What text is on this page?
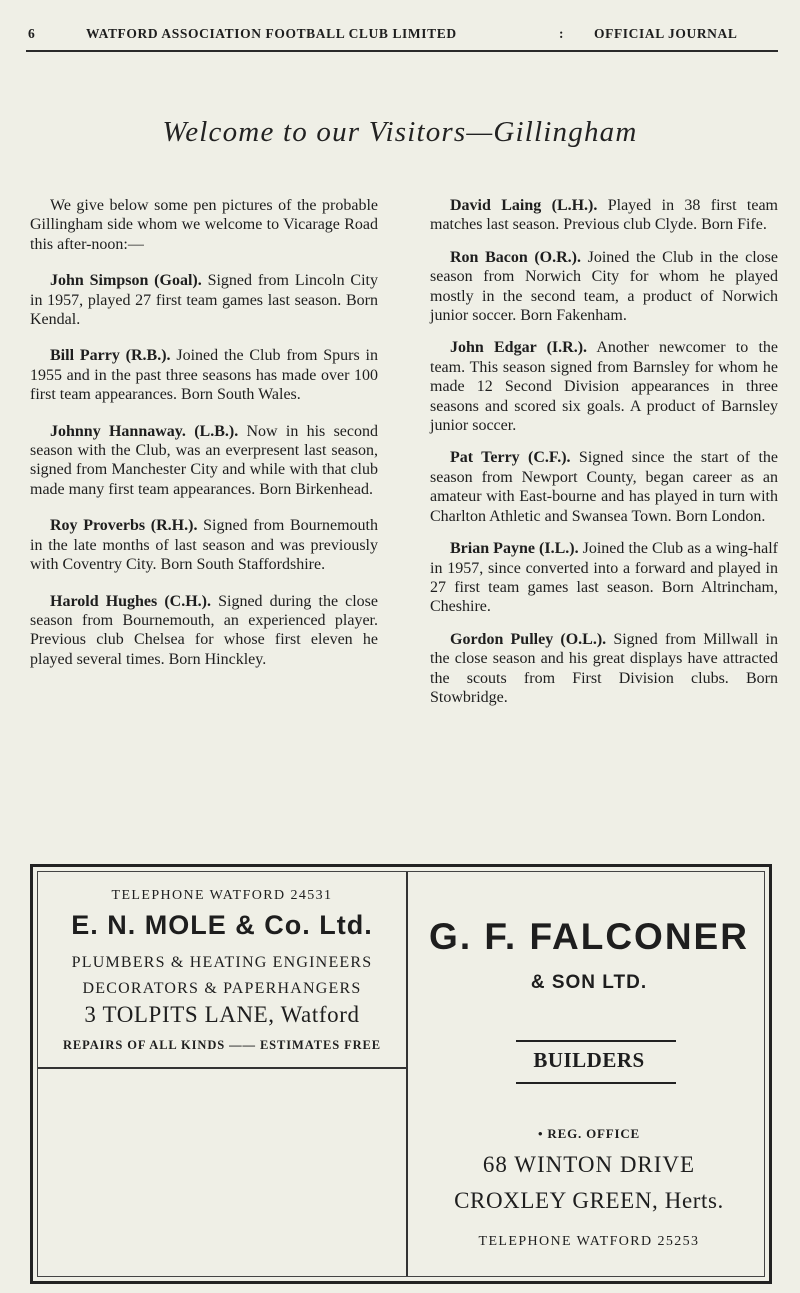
6	WATFORD ASSOCIATION FOOTBALL CLUB LIMITED	: OFFICIAL JOURNAL
Welcome to our Visitors—Gillingham

We give below some pen pictures of the probable Gillingham side whom we welcome to Vicarage Road this after-noon:—

John Simpson (Goal). Signed from Lincoln City in 1957, played 27 first team games last season. Born Kendal.

Bill Parry (R.B.). Joined the Club from Spurs in 1955 and in the past three seasons has made over 100 first team appearances. Born South Wales.

Johnny Hannaway. (L.B.). Now in his second season with the Club, was an everpresent last season, signed from Manchester City and while with that club made many first team appearances. Born Birkenhead.

Roy Proverbs (R.H.). Signed from Bournemouth in the late months of last season and was previously with Coventry City. Born South Staffordshire.

Harold Hughes (C.H.). Signed during the close season from Bournemouth, an experienced player. Previous club Chelsea for whose first eleven he played several times. Born Hinckley.

David Laing (L.H.). Played in 38 first team matches last season. Previous club Clyde. Born Fife.

Ron Bacon (O.R.). Joined the Club in the close season from Norwich City for whom he played mostly in the second team, a product of Norwich junior soccer. Born Fakenham.

John Edgar (I.R.). Another newcomer to the team. This season signed from Barnsley for whom he made 12 Second Division appearances in three seasons and scored six goals. A product of Barnsley junior soccer.

Pat Terry (C.F.). Signed since the start of the season from Newport County, began career as an amateur with East-bourne and has played in turn with Charlton Athletic and Swansea Town. Born London.

Brian Payne (I.L.). Joined the Club as a wing-half in 1957, since converted into a forward and played in 27 first team games last season. Born Altrincham, Cheshire.

Gordon Pulley (O.L.). Signed from Millwall in the close season and his great displays have attracted the scouts from First Division clubs. Born Stowbridge.

TELEPHONE WATFORD 24531
E. N. MOLE & Co. Ltd.
PLUMBERS & HEATING ENGINEERS
DECORATORS & PAPERHANGERS
3 TOLPITS LANE, Watford
REPAIRS OF ALL KINDS —— ESTIMATES FREE
G. F. FALCONER
& SON LTD.
BUILDERS
• REG. OFFICE
68 WINTON DRIVE
CROXLEY GREEN, Herts.
TELEPHONE WATFORD 25253
